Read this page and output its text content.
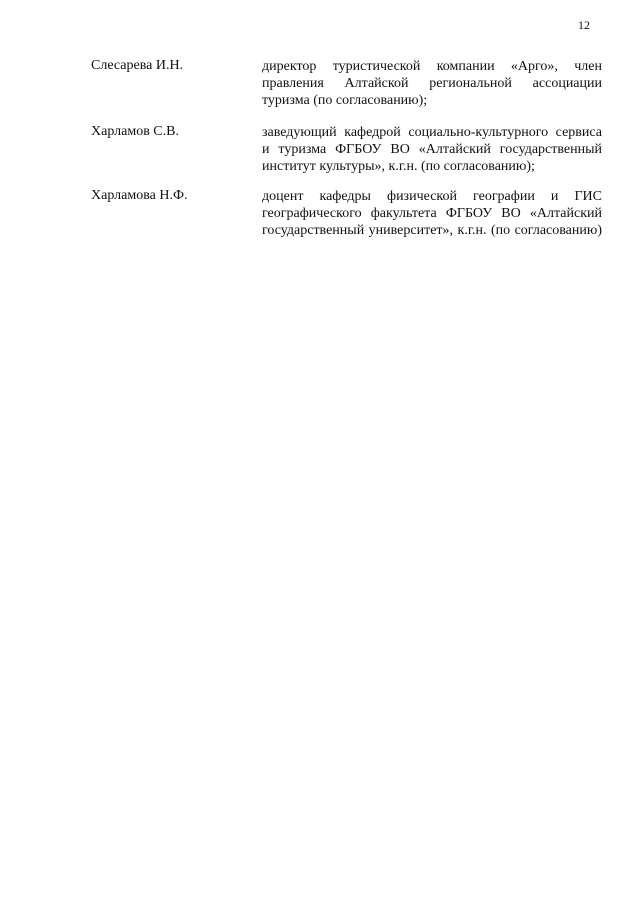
12
Слесарева И.Н.	директор туристической компании «Арго», член
правления Алтайской региональной ассоциации
туризма (по согласованию);
Харламов С.В.	заведующий кафедрой социально-культурного сервиса
и туризма ФГБОУ ВО «Алтайский государственный
институт культуры», к.г.н. (по согласованию);
Харламова Н.Ф.	доцент кафедры физической географии и ГИС
географического факультета ФГБОУ ВО «Алтайский
государственный университет», к.г.н. (по согласованию)
